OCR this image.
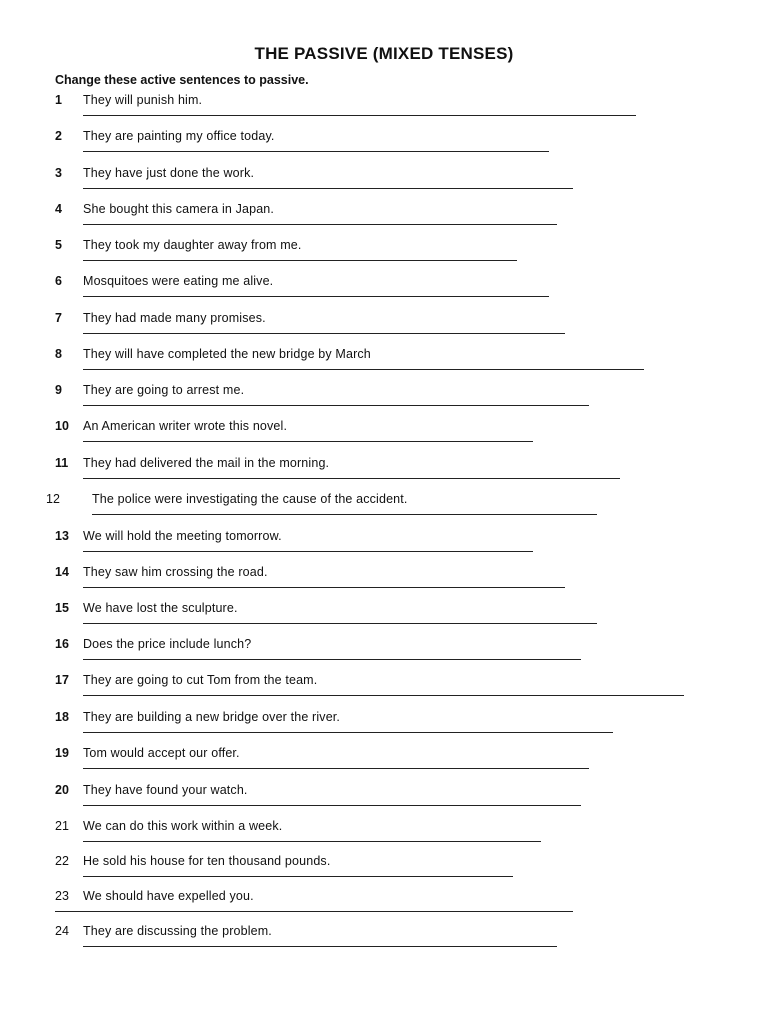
THE PASSIVE (MIXED TENSES)
Change these active sentences to passive.
1 They will punish him.
2 They are painting my office today.
3 They have just done the work.
4 She bought this camera in Japan.
5 They took my daughter away from me.
6 Mosquitoes were eating me alive.
7 They had made many promises.
8 They will have completed the new bridge by March
9 They are going to arrest me.
10 An American writer wrote this novel.
11 They had delivered the mail in the morning.
12	The police were investigating the cause of the accident.
13 We will hold the meeting tomorrow.
14 They saw him crossing the road.
15 We have lost the sculpture.
16 Does the price include lunch?
17 They are going to cut Tom from the team.
18 They are building a new bridge over the river.
19 Tom would accept our offer.
20 They have found your watch.
21 We can do this work within a week.
22 He sold his house for ten thousand pounds.
23 We should have expelled you.
24 They are discussing the problem.
